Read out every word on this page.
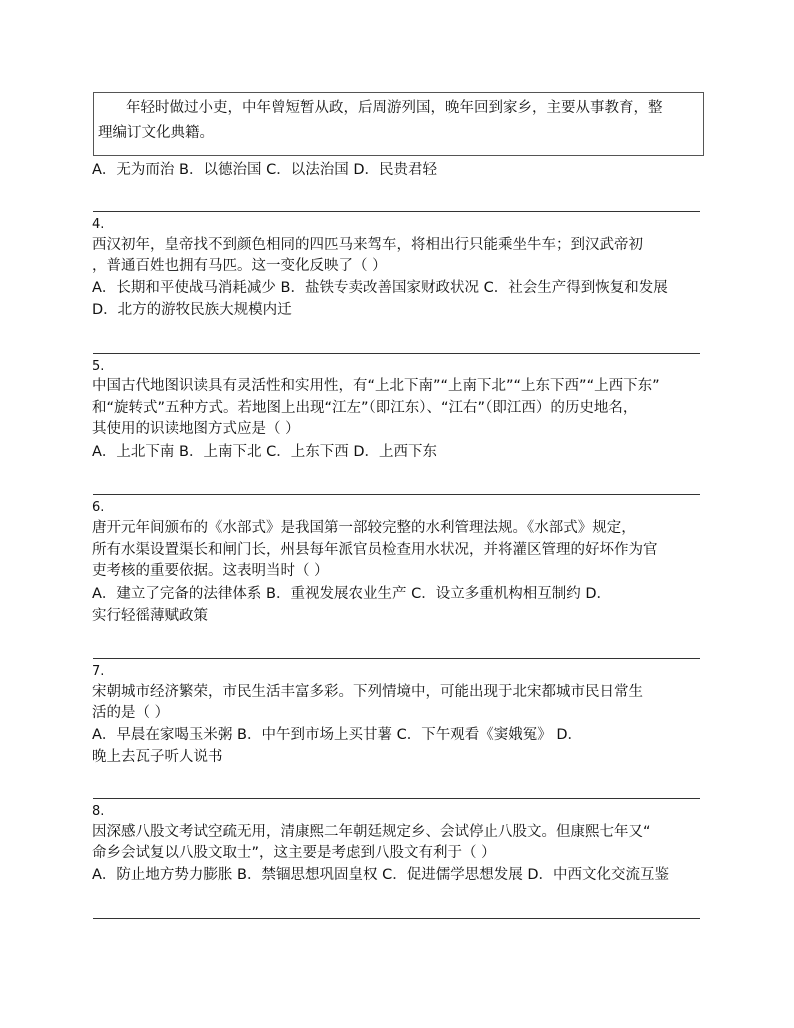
年轻时做过小吏，中年曾短暂从政，后周游列国，晚年回到家乡，主要从事教育，整
理编订文化典籍。
A．无为而治 B．以德治国 C．以法治国 D．民贵君轻
4.
西汉初年，皇帝找不到颜色相同的四匹马来驾车，将相出行只能乘坐牛车；到汉武帝初
，普通百姓也拥有马匹。这一变化反映了（ ）
A．长期和平使战马消耗减少 B．盐铁专卖改善国家财政状况 C．社会生产得到恢复和发展
D．北方的游牧民族大规模内迁
5.
中国古代地图识读具有灵活性和实用性，有“上北下南”“上南下北”“上东下西”“上西下东”
和“旋转式”五种方式。若地图上出现“江左”（即江东）、“江右”（即江西）的历史地名，
其使用的识读地图方式应是（ ）
A．上北下南 B．上南下北 C．上东下西 D．上西下东
6.
唐开元年间颁布的《水部式》是我国第一部较完整的水利管理法规。《水部式》规定，
所有水渠设置渠长和闸门长，州县每年派官员检查用水状况，并将灌区管理的好坏作为官
吏考核的重要依据。这表明当时（ ）
A．建立了完备的法律体系 B．重视发展农业生产 C．设立多重机构相互制约 D．
实行轻徭薄赋政策
7.
宋朝城市经济繁荣，市民生活丰富多彩。下列情境中，可能出现于北宋都城市民日常生
活的是（ ）
A．早晨在家喝玉米粥 B．中午到市场上买甘薯 C．下午观看《窦娥冤》 D．
晚上去瓦子听人说书
8.
因深感八股文考试空疏无用，清康熙二年朝廷规定乡、会试停止八股文。但康熙七年又“
命乡会试复以八股文取士”，这主要是考虑到八股文有利于（ ）
A．防止地方势力膨胀 B．禁锢思想巩固皇权 C．促进儒学思想发展 D．中西文化交流互鉴
